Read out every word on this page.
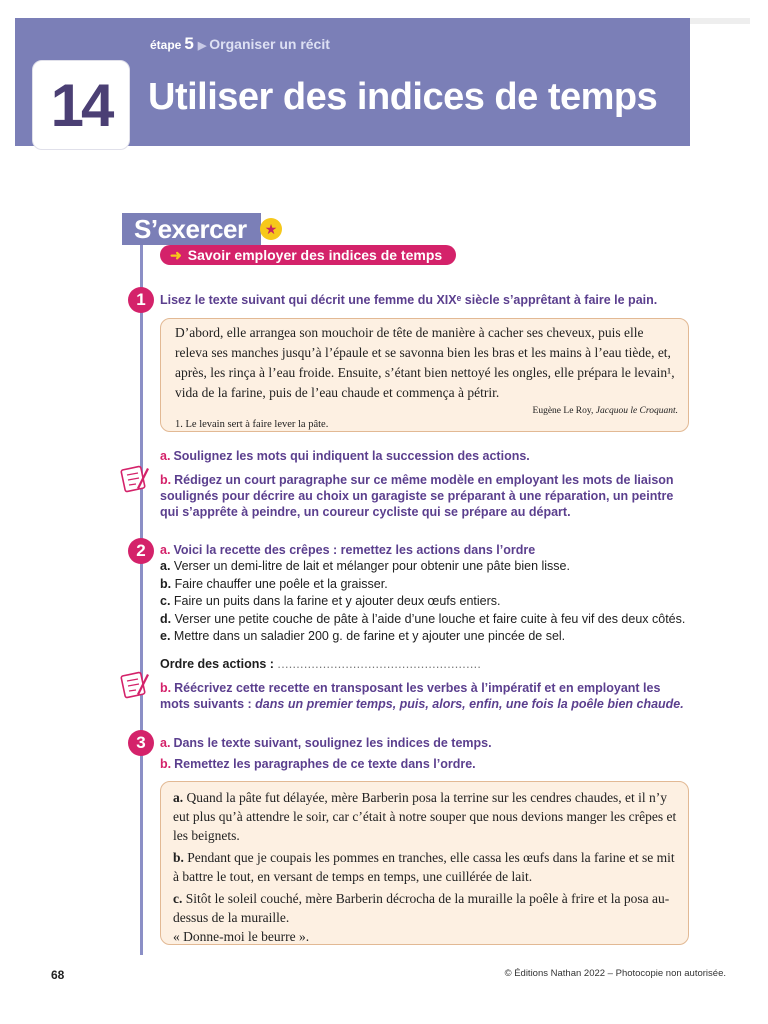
étape 5 ▶ Organiser un récit
14 Utiliser des indices de temps
S’exercer	★
➜ Savoir employer des indices de temps
1	Lisez le texte suivant qui décrit une femme du XIXᵉ siècle s’apprêtant à faire le pain.
D’abord, elle arrangea son mouchoir de tête de manière à cacher ses cheveux, puis elle releva ses manches jusqu’à l’épaule et se savonna bien les bras et les mains à l’eau tiède, et, après, les rinça à l’eau froide. Ensuite, s’étant bien nettoyé les ongles, elle prépara le levain¹, vida de la farine, puis de l’eau chaude et commença à pétrir.
Eugène Le Roy, Jacquou le Croquant.
1. Le levain sert à faire lever la pâte.
a. Soulignez les mots qui indiquent la succession des actions.
b. Rédigez un court paragraphe sur ce même modèle en employant les mots de liaison soulignés pour décrire au choix un garagiste se préparant à une réparation, un peintre qui s’apprête à peindre, un coureur cycliste qui se prépare au départ.
2	a. Voici la recette des crêpes : remettez les actions dans l’ordre
a. Verser un demi-litre de lait et mélanger pour obtenir une pâte bien lisse.
b. Faire chauffer une poêle et la graisser.
c. Faire un puits dans la farine et y ajouter deux œufs entiers.
d. Verser une petite couche de pâte à l’aide d’une louche et faire cuite à feu vif des deux côtés.
e. Mettre dans un saladier 200 g. de farine et y ajouter une pincée de sel.
Ordre des actions : ......................................................
b. Réécrivez cette recette en transposant les verbes à l’impératif et en employant les mots suivants : dans un premier temps, puis, alors, enfin, une fois la poêle bien chaude.
3	a. Dans le texte suivant, soulignez les indices de temps.
b. Remettez les paragraphes de ce texte dans l’ordre.

a. Quand la pâte fut délayée, mère Barberin posa la terrine sur les cendres chaudes, et il n’y eut plus qu’à attendre le soir, car c’était à notre souper que nous devions manger les crêpes et les beignets.

b. Pendant que je coupais les pommes en tranches, elle cassa les œufs dans la farine et se mit à battre le tout, en versant de temps en temps, une cuillérée de lait.

c. Sitôt le soleil couché, mère Barberin décrocha de la muraille la poêle à frire et la posa au-dessus de la muraille.

« Donne-moi le beurre ».

68	© Éditions Nathan 2022 – Photocopie non autorisée.
